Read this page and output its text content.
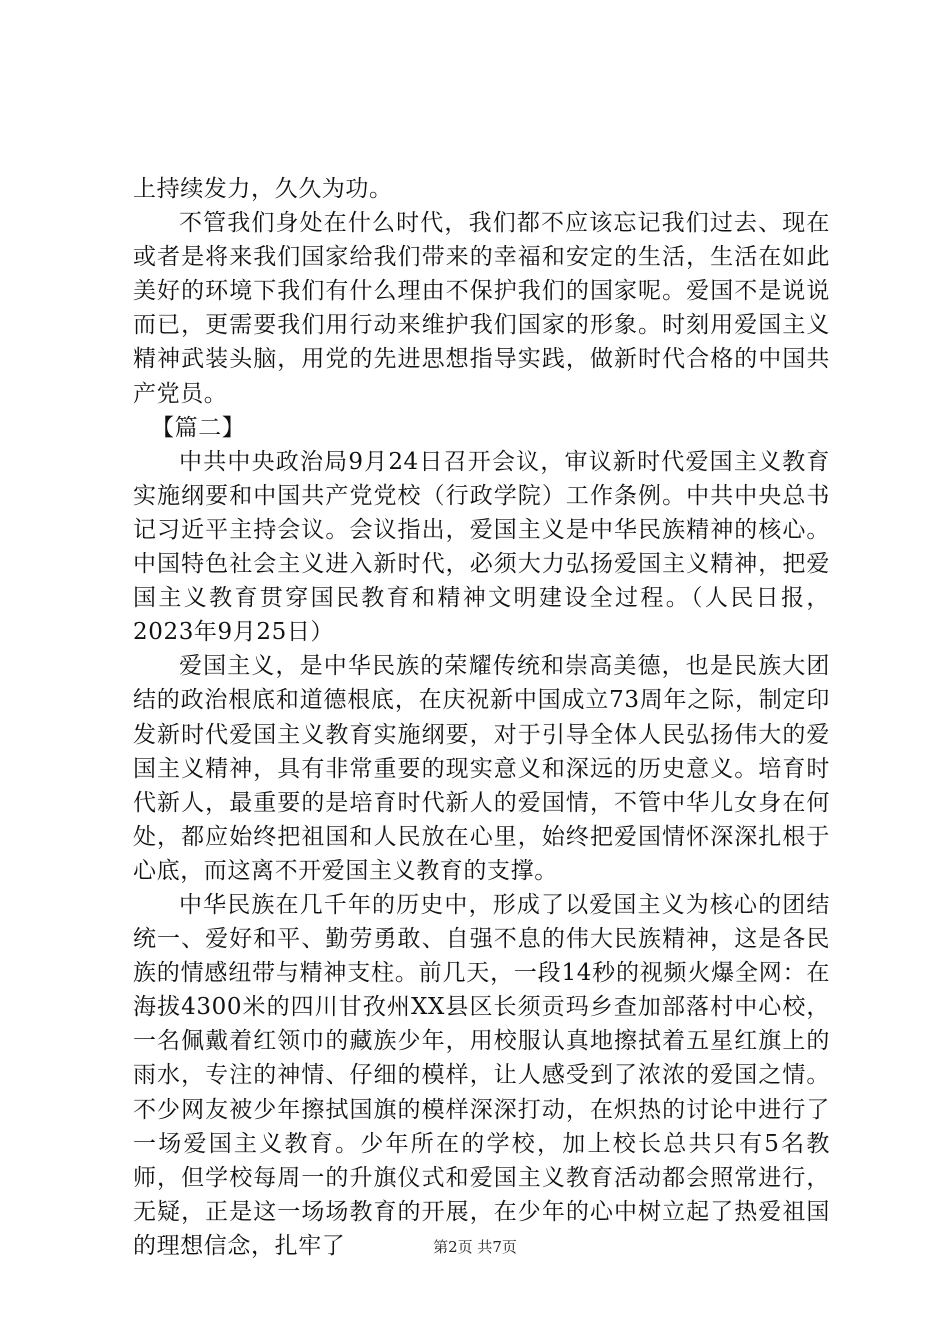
上持续发力，久久为功。

不管我们身处在什么时代，我们都不应该忘记我们过去、现在或者是将来我们国家给我们带来的幸福和安定的生活，生活在如此美好的环境下我们有什么理由不保护我们的国家呢。爱国不是说说而已，更需要我们用行动来维护我们国家的形象。时刻用爱国主义精神武装头脑，用党的先进思想指导实践，做新时代合格的中国共产党员。

【篇二】

中共中央政治局9月24日召开会议，审议新时代爱国主义教育实施纲要和中国共产党党校（行政学院）工作条例。中共中央总书记习近平主持会议。会议指出，爱国主义是中华民族精神的核心。中国特色社会主义进入新时代，必须大力弘扬爱国主义精神，把爱国主义教育贯穿国民教育和精神文明建设全过程。（人民日报，2023年9月25日）

爱国主义，是中华民族的荣耀传统和崇高美德，也是民族大团结的政治根底和道德根底，在庆祝新中国成立73周年之际，制定印发新时代爱国主义教育实施纲要，对于引导全体人民弘扬伟大的爱国主义精神，具有非常重要的现实意义和深远的历史意义。培育时代新人，最重要的是培育时代新人的爱国情，不管中华儿女身在何处，都应始终把祖国和人民放在心里，始终把爱国情怀深深扎根于心底，而这离不开爱国主义教育的支撑。

中华民族在几千年的历史中，形成了以爱国主义为核心的团结统一、爱好和平、勤劳勇敢、自强不息的伟大民族精神，这是各民族的情感纽带与精神支柱。前几天，一段14秒的视频火爆全网：在海拔4300米的四川甘孜州XX县区长须贡玛乡查加部落村中心校，一名佩戴着红领巾的藏族少年，用校服认真地擦拭着五星红旗上的雨水，专注的神情、仔细的模样，让人感受到了浓浓的爱国之情。不少网友被少年擦拭国旗的模样深深打动，在炽热的讨论中进行了一场爱国主义教育。少年所在的学校，加上校长总共只有5名教师，但学校每周一的升旗仪式和爱国主义教育活动都会照常进行，无疑，正是这一场场教育的开展，在少年的心中树立起了热爱祖国的理想信念，扎牢了	第2页 共7页
